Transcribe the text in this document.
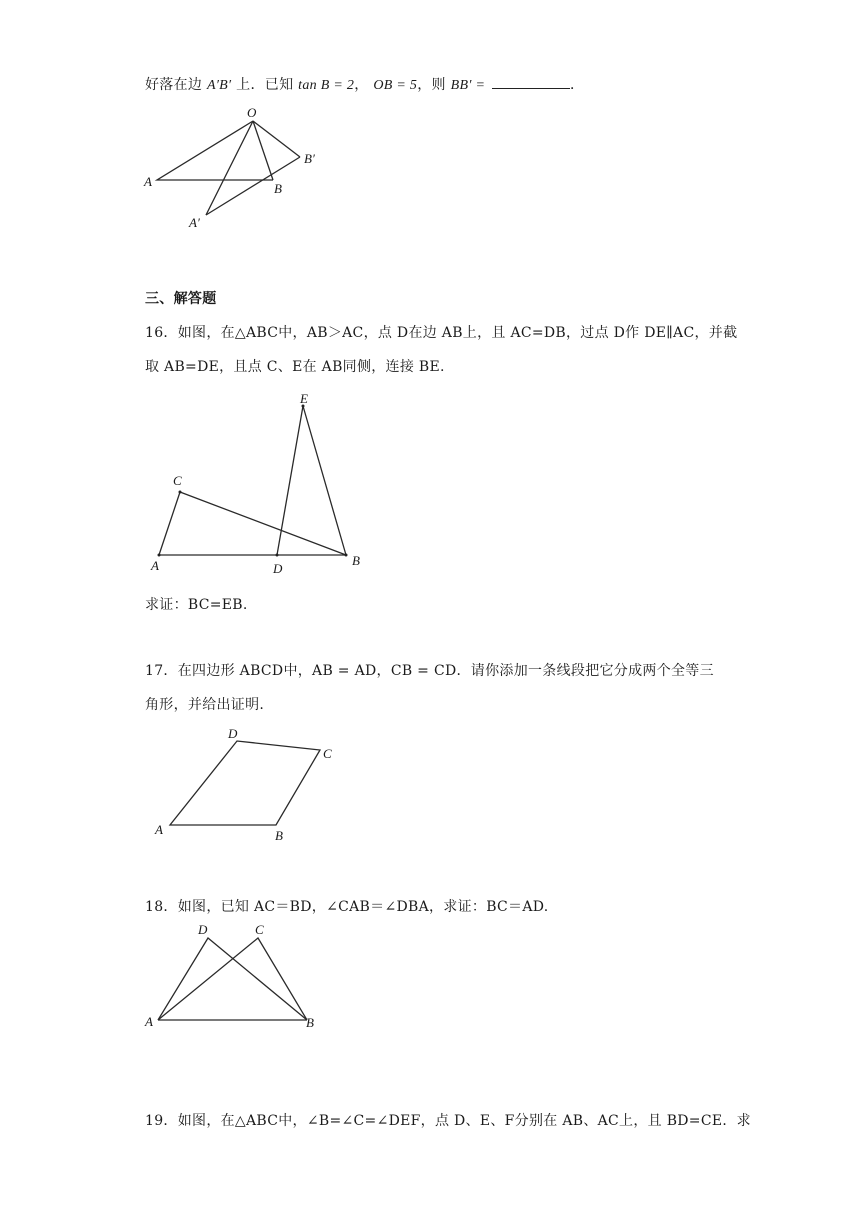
好落在边 A′B′ 上．已知 tan B = 2， OB = 5，则 BB′ =	．
O
A	B
B′
A′
三、解答题
16．如图，在△ABC中，AB＞AC，点 D在边 AB上，且 AC=DB，过点 D作 DE∥AC，并截
取 AB=DE，且点 C、E在 AB同侧，连接 BE.
E
C
A	D
B
求证：BC=EB.
17．在四边形 ABCD中，AB = AD，CB = CD．请你添加一条线段把它分成两个全等三
角形，并给出证明.
D
C
A	B
18．如图，已知 AC＝BD，∠CAB＝∠DBA，求证：BC＝AD.
D	C
A	B
19．如图，在△ABC中，∠B=∠C=∠DEF，点 D、E、F分别在 AB、AC上，且 BD=CE．求
